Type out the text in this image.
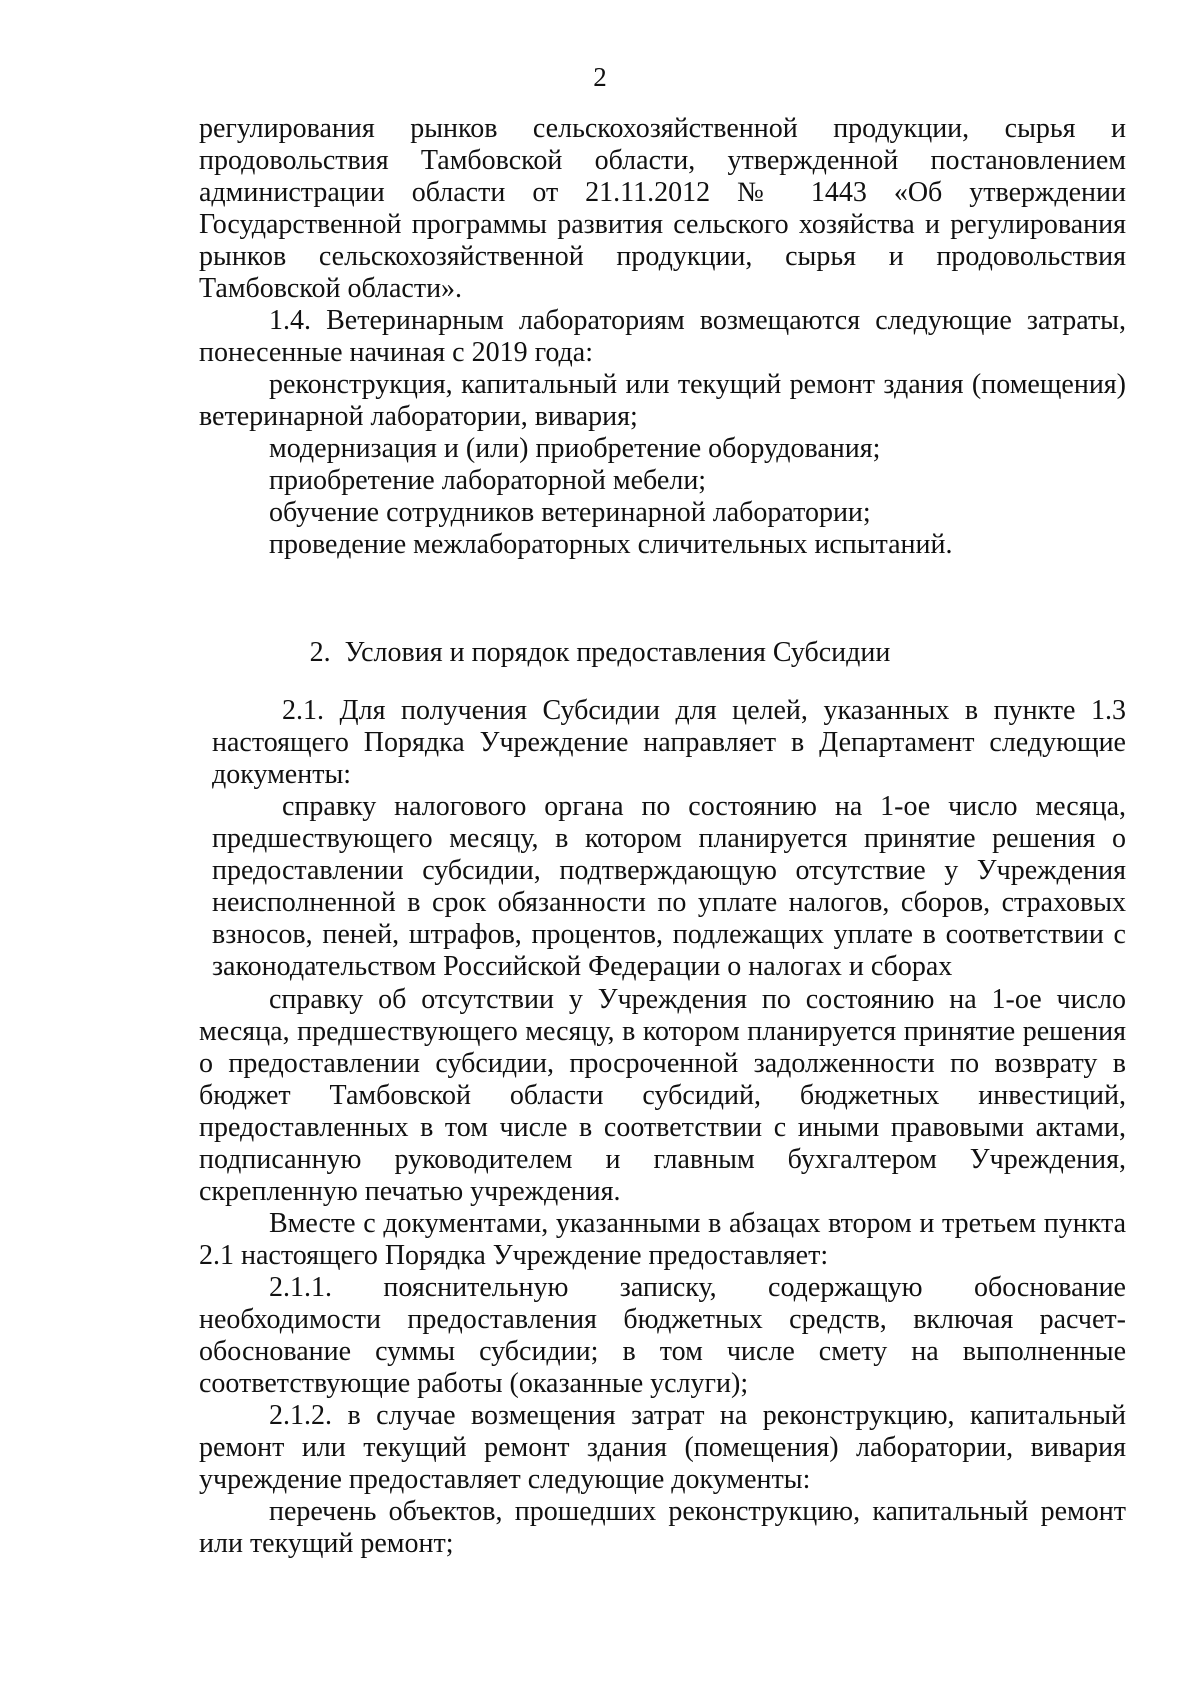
2

регулирования рынков сельскохозяйственной продукции, сырья и продовольствия Тамбовской области, утвержденной постановлением администрации области от 21.11.2012 № 1443 «Об утверждении Государственной программы развития сельского хозяйства и регулирования рынков сельскохозяйственной продукции, сырья и продовольствия Тамбовской области».

1.4. Ветеринарным лабораториям возмещаются следующие затраты, понесенные начиная с 2019 года:

реконструкция, капитальный или текущий ремонт здания (помещения) ветеринарной лаборатории, вивария;

модернизация и (или) приобретение оборудования;

приобретение лабораторной мебели;

обучение сотрудников ветеринарной лаборатории;

проведение межлабораторных сличительных испытаний.

2. Условия и порядок предоставления Субсидии

2.1. Для получения Субсидии для целей, указанных в пункте 1.3 настоящего Порядка Учреждение направляет в Департамент следующие документы:

справку налогового органа по состоянию на 1-ое число месяца, предшествующего месяцу, в котором планируется принятие решения о предоставлении субсидии, подтверждающую отсутствие у Учреждения неисполненной в срок обязанности по уплате налогов, сборов, страховых взносов, пеней, штрафов, процентов, подлежащих уплате в соответствии с законодательством Российской Федерации о налогах и сборах

справку об отсутствии у Учреждения по состоянию на 1-ое число месяца, предшествующего месяцу, в котором планируется принятие решения о предоставлении субсидии, просроченной задолженности по возврату в бюджет Тамбовской области субсидий, бюджетных инвестиций, предоставленных в том числе в соответствии с иными правовыми актами, подписанную руководителем и главным бухгалтером Учреждения, скрепленную печатью учреждения.

Вместе с документами, указанными в абзацах втором и третьем пункта 2.1 настоящего Порядка Учреждение предоставляет:

2.1.1. пояснительную записку, содержащую обоснование необходимости предоставления бюджетных средств, включая расчет-обоснование суммы субсидии; в том числе смету на выполненные соответствующие работы (оказанные услуги);

2.1.2. в случае возмещения затрат на реконструкцию, капитальный ремонт или текущий ремонт здания (помещения) лаборатории, вивария учреждение предоставляет следующие документы:

перечень объектов, прошедших реконструкцию, капитальный ремонт или текущий ремонт;
